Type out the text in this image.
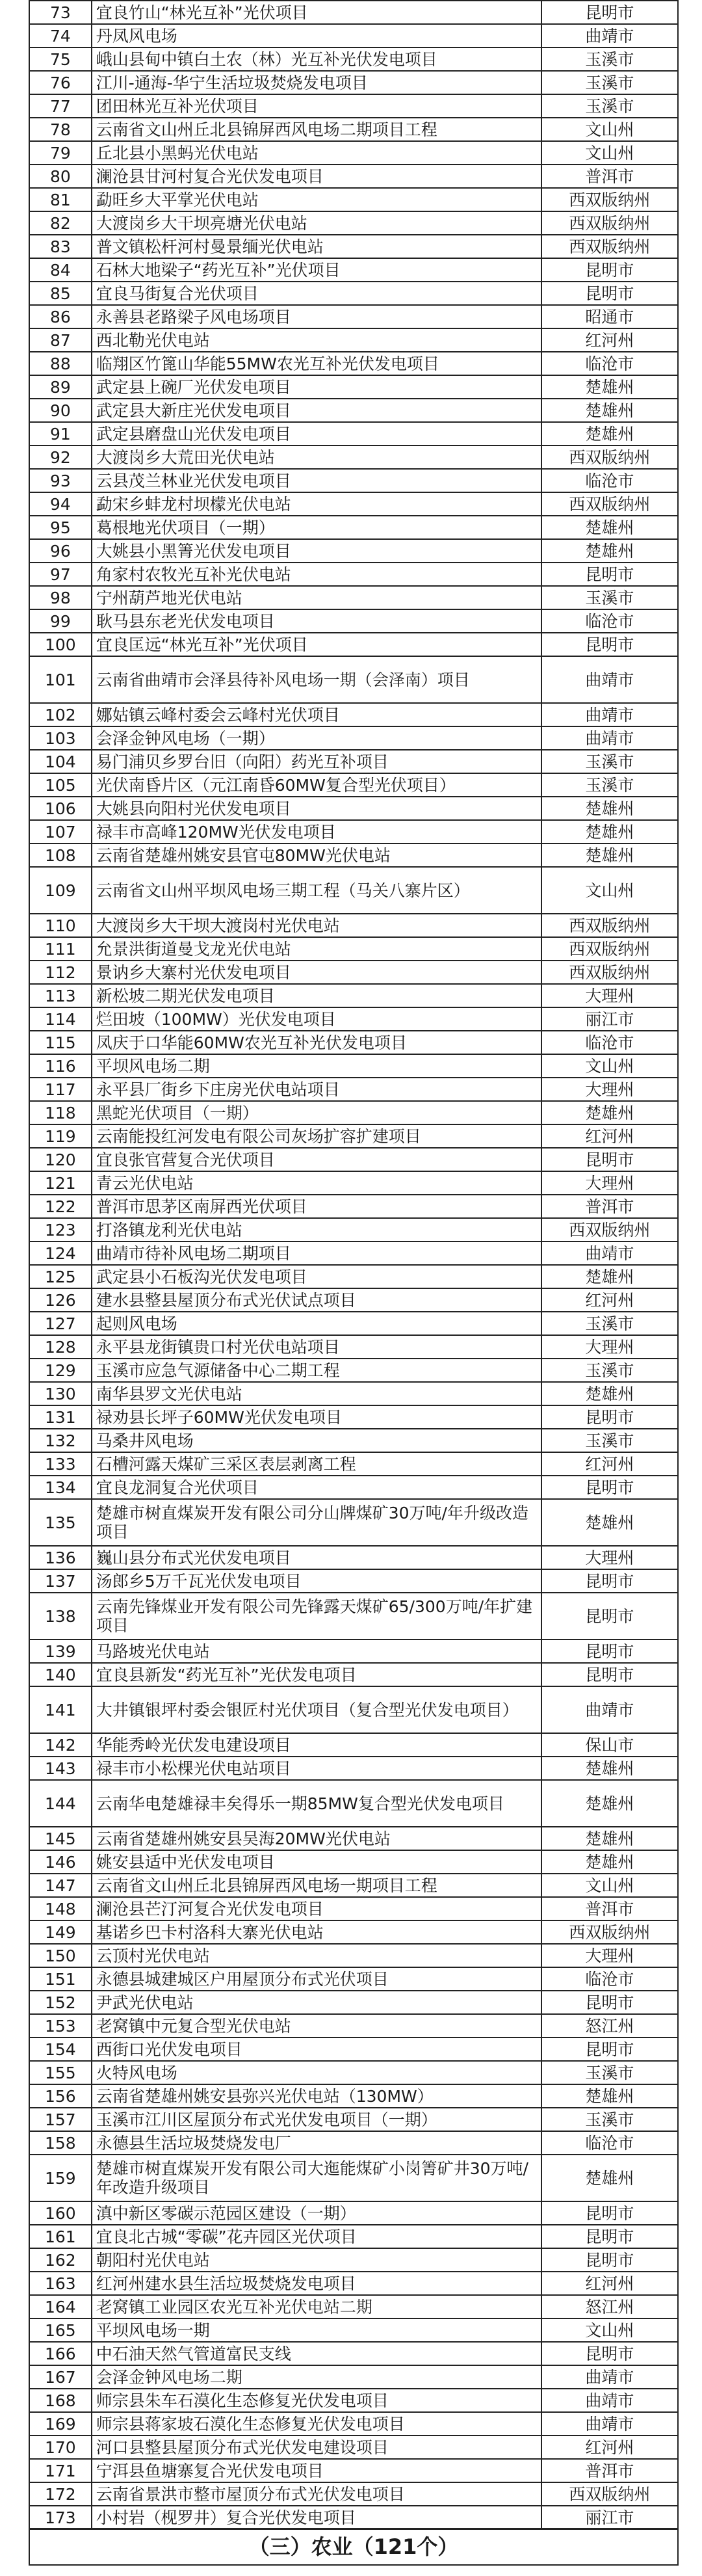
73	宜良竹山“林光互补”光伏项目	昆明市
74	丹凤风电场	曲靖市
75	峨山县甸中镇白土农（林）光互补光伏发电项目	玉溪市
76	江川-通海-华宁生活垃圾焚烧发电项目	玉溪市
77	团田林光互补光伏项目	玉溪市
78	云南省文山州丘北县锦屏西风电场二期项目工程	文山州
79	丘北县小黑蚂光伏电站	文山州
80	澜沧县甘河村复合光伏发电项目	普洱市
81	勐旺乡大平掌光伏电站	西双版纳州
82	大渡岗乡大干坝亮塘光伏电站	西双版纳州
83	普文镇松杆河村曼景缅光伏电站	西双版纳州
84	石林大地梁子“药光互补”光伏项目	昆明市
85	宜良马街复合光伏项目	昆明市
86	永善县老路梁子风电场项目	昭通市
87	西北勒光伏电站	红河州
88	临翔区竹篦山华能55MW农光互补光伏发电项目	临沧市
89	武定县上碗厂光伏发电项目	楚雄州
90	武定县大新庄光伏发电项目	楚雄州
91	武定县磨盘山光伏发电项目	楚雄州
92	大渡岗乡大荒田光伏电站	西双版纳州
93	云县茂兰林业光伏发电项目	临沧市
94	勐宋乡蚌龙村坝檬光伏电站	西双版纳州
95	葛根地光伏项目（一期）	楚雄州
96	大姚县小黑箐光伏发电项目	楚雄州
97	角家村农牧光互补光伏电站	昆明市
98	宁州葫芦地光伏电站	玉溪市
99	耿马县东老光伏发电项目	临沧市
100	宜良匡远“林光互补”光伏项目	昆明市
101	云南省曲靖市会泽县待补风电场一期（会泽南）项目	曲靖市
102	娜姑镇云峰村委会云峰村光伏项目	曲靖市
103	会泽金钟风电场（一期）	曲靖市
104	易门浦贝乡罗台旧（向阳）药光互补项目	玉溪市
105	光伏南昏片区（元江南昏60MW复合型光伏项目）	玉溪市
106	大姚县向阳村光伏发电项目	楚雄州
107	禄丰市高峰120MW光伏发电项目	楚雄州
108	云南省楚雄州姚安县官屯80MW光伏电站	楚雄州
109	云南省文山州平坝风电场三期工程（马关八寨片区）	文山州
110	大渡岗乡大干坝大渡岗村光伏电站	西双版纳州
111	允景洪街道曼戈龙光伏电站	西双版纳州
112	景讷乡大寨村光伏发电项目	西双版纳州
113	新松坡二期光伏发电项目	大理州
114	烂田坡（100MW）光伏发电项目	丽江市
115	凤庆于口华能60MW农光互补光伏发电项目	临沧市
116	平坝风电场二期	文山州
117	永平县厂街乡下庄房光伏电站项目	大理州
118	黑蛇光伏项目（一期）	楚雄州
119	云南能投红河发电有限公司灰场扩容扩建项目	红河州
120	宜良张官营复合光伏项目	昆明市
121	青云光伏电站	大理州
122	普洱市思茅区南屏西光伏项目	普洱市
123	打洛镇龙利光伏电站	西双版纳州
124	曲靖市待补风电场二期项目	曲靖市
125	武定县小石板沟光伏发电项目	楚雄州
126	建水县整县屋顶分布式光伏试点项目	红河州
127	起则风电场	玉溪市
128	永平县龙街镇贵口村光伏电站项目	大理州
129	玉溪市应急气源储备中心二期工程	玉溪市
130	南华县罗文光伏电站	楚雄州
131	禄劝县长坪子60MW光伏发电项目	昆明市
132	马桑井风电场	玉溪市
133	石槽河露天煤矿三采区表层剥离工程	红河州
134	宜良龙洞复合光伏项目	昆明市
135	楚雄市树直煤炭开发有限公司分山牌煤矿30万吨/年升级改造项目	楚雄州
136	巍山县分布式光伏发电项目	大理州
137	汤郎乡5万千瓦光伏发电项目	昆明市
138	云南先锋煤业开发有限公司先锋露天煤矿65/300万吨/年扩建项目	昆明市
139	马路坡光伏电站	昆明市
140	宜良县新发“药光互补”光伏发电项目	昆明市
141	大井镇银坪村委会银匠村光伏项目（复合型光伏发电项目）	曲靖市
142	华能秀岭光伏发电建设项目	保山市
143	禄丰市小松棵光伏电站项目	楚雄州
144	云南华电楚雄禄丰矣得乐一期85MW复合型光伏发电项目	楚雄州
145	云南省楚雄州姚安县吴海20MW光伏电站	楚雄州
146	姚安县适中光伏发电项目	楚雄州
147	云南省文山州丘北县锦屏西风电场一期项目工程	文山州
148	澜沧县芒汀河复合光伏发电项目	普洱市
149	基诺乡巴卡村洛科大寨光伏电站	西双版纳州
150	云顶村光伏电站	大理州
151	永德县城建城区户用屋顶分布式光伏项目	临沧市
152	尹武光伏电站	昆明市
153	老窝镇中元复合型光伏电站	怒江州
154	西街口光伏发电项目	昆明市
155	火特风电场	玉溪市
156	云南省楚雄州姚安县弥兴光伏电站（130MW）	楚雄州
157	玉溪市江川区屋顶分布式光伏发电项目（一期）	玉溪市
158	永德县生活垃圾焚烧发电厂	临沧市
159	楚雄市树直煤炭开发有限公司大迤能煤矿小岗箐矿井30万吨/年改造升级项目	楚雄州
160	滇中新区零碳示范园区建设（一期）	昆明市
161	宜良北古城“零碳”花卉园区光伏项目	昆明市
162	朝阳村光伏电站	昆明市
163	红河州建水县生活垃圾焚烧发电项目	红河州
164	老窝镇工业园区农光互补光伏电站二期	怒江州
165	平坝风电场一期	文山州
166	中石油天然气管道富民支线	昆明市
167	会泽金钟风电场二期	曲靖市
168	师宗县朱车石漠化生态修复光伏发电项目	曲靖市
169	师宗县蒋家坡石漠化生态修复光伏发电项目	曲靖市
170	河口县整县屋顶分布式光伏发电建设项目	红河州
171	宁洱县鱼塘寨复合光伏发电项目	普洱市
172	云南省景洪市整市屋顶分布式光伏发电项目	西双版纳州
173	小村岩（枧罗井）复合光伏发电项目	丽江市
（三）农业（121个）
